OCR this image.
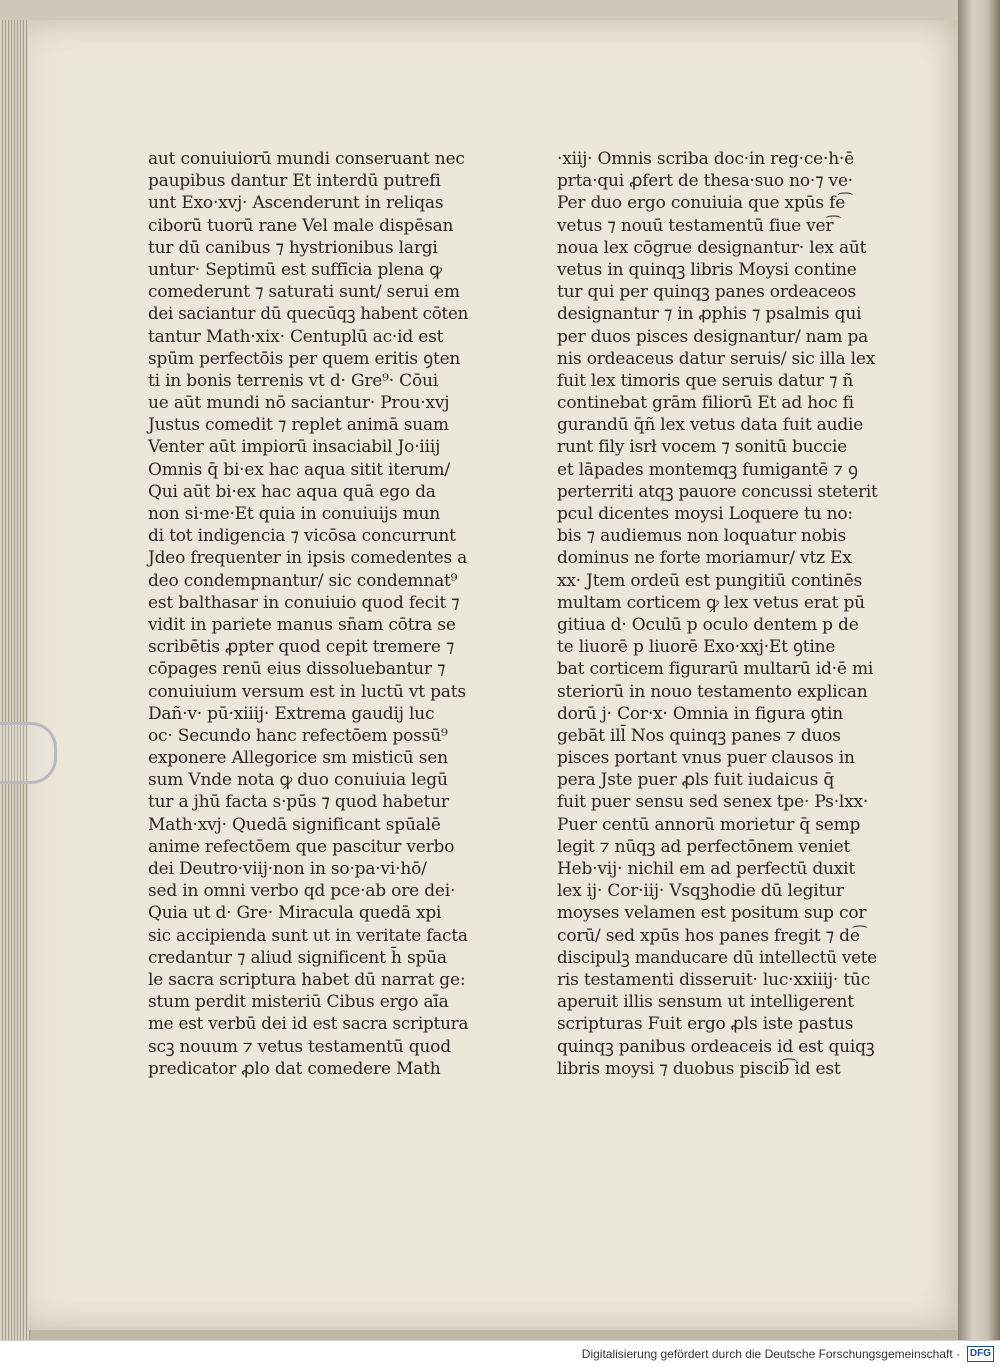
aut conuiuiorū mundi conseruant nec
paupibus dantur Et interdū putrefi
unt Exo·xvj· Ascenderunt in reliqas
ciborū tuorū rane Vel male dispēsan
tur dū canibus ⁊ hystrionibus largi
untur· Septimū est suffīcia plena ꝙ
comederunt ⁊ saturati sunt/ serui em
dei saciantur dū quecūqꝫ habent cōten
tantur Math·xix· Centuplū ac·id est
spūm perfectōis per quem eritis ꝯten
ti in bonis terrenis vt d· Gre⁹· Cōui
ue aūt mundi nō saciantur· Prou·xvj
Justus comedit ⁊ replet animā suam
Venter aūt impiorū insaciabil Jo·iiij
Omnis q̄ bi·ex hac aqua sitit iterum/
Qui aūt bi·ex hac aqua quā ego da
non si·me·Et quia in conuiuijs mun
di tot indigencia ⁊ vicōsa concurrunt
Jdeo frequenter in ipsis comedentes a
deo condempnantur/ sic condemnat⁹
est balthasar in conuiuio quod fecit ⁊
vidit in pariete manus sn̄am cōtra se
scribētis ꝓpter quod cepit tremere ⁊
cōpages renū eius dissoluebantur ⁊
conuiuium versum est in luctū vt pats
Dañ·v· pū·xiiij· Extrema gaudij luc
oc· Secundo hanc refectōem possū⁹
exponere Allegorice sm misticū sen
sum Vnde nota ꝙ duo conuiuia legū
tur a jhū facta s·pūs ⁊ quod habetur
Math·xvj· Quedā significant spūalē
anime refectōem que pascitur verbo
dei Deutro·viij·non in so·pa·vi·hō/
sed in omni verbo qd pce·ab ore dei·
Quia ut d· Gre· Miracula quedā xpi
sic accipienda sunt ut in veritate facta
credantur ⁊ aliud significent h̄ spūa
le sacra scriptura habet dū narrat ge:
stum perdit misteriū Cibus ergo aīa
me est verbū dei id est sacra scriptura
scꝫ nouum ⁊ vetus testamentū quod
predicator ꝓlo dat comedere Math
·xiij· Omnis scriba doc·in reg·ce·h·ē
prta·qui ꝓfert de thesa·suo no·⁊ ve·
Per duo ergo conuiuia que xpūs fe͡
vetus ⁊ nouū testamentū fiue ver͡
noua lex cōgrue designantur· lex aūt
vetus in quinqꝫ libris Moysi contine
tur qui per quinqꝫ panes ordeaceos
designantur ⁊ in ꝓphis ⁊ psalmis qui
per duos pisces designantur/ nam pa
nis ordeaceus datur seruis/ sic illa lex
fuit lex timoris que seruis datur ⁊ ñ
continebat grām filiorū Et ad hoc fi
gurandū q̄ñ lex vetus data fuit audie
runt fily isrł vocem ⁊ sonitū buccie
et lāpades montemqꝫ fumigantē ⁊ ꝯ
perterriti atqꝫ pauore concussi steterit
pcul dicentes moysi Loquere tu no:
bis ⁊ audiemus non loquatur nobis
dominus ne forte moriamur/ vtz Ex
xx· Jtem ordeū est pungitiū continēs
multam corticem ꝙ lex vetus erat pū
gitiua d· Oculū p oculo dentem p de
te liuorē p liuorē Exo·xxj·Et ꝯtine
bat corticem figurarū multarū id·ē mi
steriorū in nouo testamento explican
dorū j· Cor·x· Omnia in figura ꝯtin
gebāt ill̄ Nos quinqꝫ panes ⁊ duos
pisces portant vnus puer clausos in
pera Jste puer ꝓls fuit iudaicus q̄
fuit puer sensu sed senex tpe· Ps·lxx·
Puer centū annorū morietur q̄ semp
legit ⁊ nūqꝫ ad perfectōnem veniet
Heb·vij· nichil em ad perfectū duxit
lex ij· Cor·iij· Vsqꝫhodie dū legitur
moyses velamen est positum sup cor
corū/ sed xpūs hos panes fregit ⁊ de͡
discipulꝫ manducare dū intellectū vete
ris testamenti disseruit· luc·xxiiij· tūc
aperuit illis sensum ut intelligerent
scripturas Fuit ergo ꝓls iste pastus
quinqꝫ panibus ordeaceis id est quiqꝫ
libris moysi ⁊ duobus piscib͡ id est
Digitalisierung gefördert durch die Deutsche Forschungsgemeinschaft · DFG
